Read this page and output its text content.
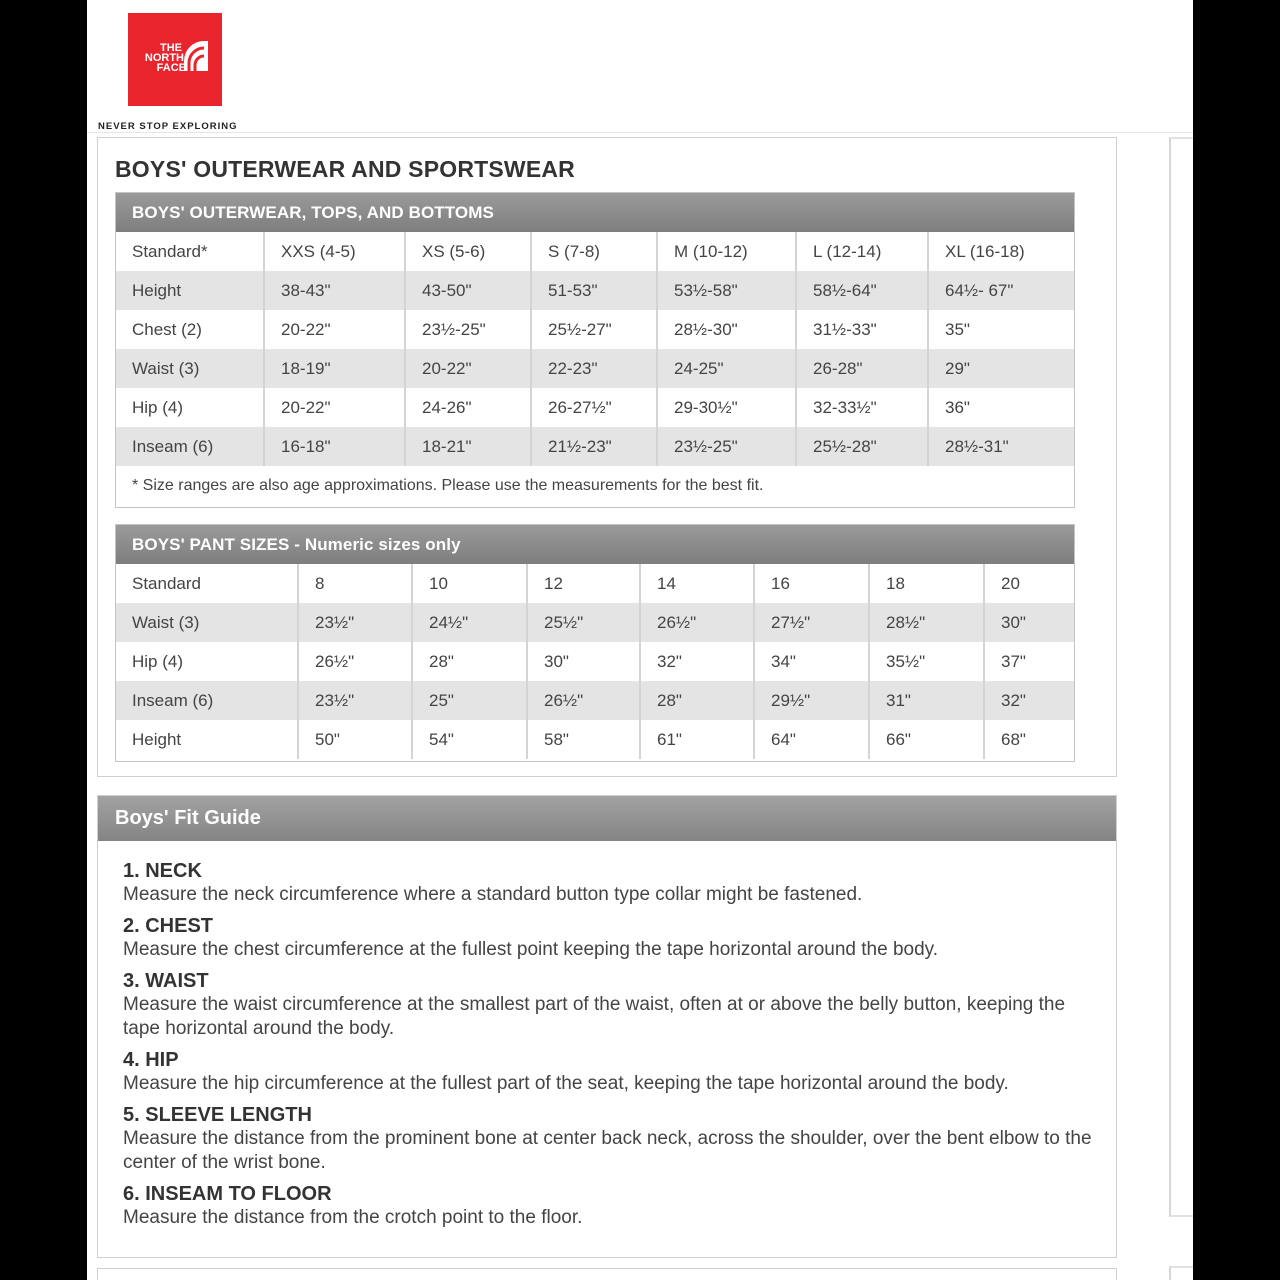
THE
NORTH
FACE
NEVER STOP EXPLORING
BOYS' OUTERWEAR AND SPORTSWEAR
BOYS' OUTERWEAR, TOPS, AND BOTTOMS
Standard*	XXS (4-5)	XS (5-6)	S (7-8)	M (10-12)	L (12-14)	XL (16-18)
Height	38-43"	43-50"	51-53"	53½-58"	58½-64"	64½- 67"
Chest (2)	20-22"	23½-25"	25½-27"	28½-30"	31½-33"	35"
Waist (3)	18-19"	20-22"	22-23"	24-25"	26-28"	29"
Hip (4)	20-22"	24-26"	26-27½"	29-30½"	32-33½"	36"
Inseam (6)	16-18"	18-21"	21½-23"	23½-25"	25½-28"	28½-31"
* Size ranges are also age approximations. Please use the measurements for the best fit.
BOYS' PANT SIZES - Numeric sizes only
Standard	8	10	12	14	16	18	20
Waist (3)	23½"	24½"	25½"	26½"	27½"	28½"	30"
Hip (4)	26½"	28"	30"	32"	34"	35½"	37"
Inseam (6)	23½"	25"	26½"	28"	29½"	31"	32"
Height	50"	54"	58"	61"	64"	66"	68"
Boys' Fit Guide
1. NECK

Measure the neck circumference where a standard button type collar might be fastened.

2. CHEST

Measure the chest circumference at the fullest point keeping the tape horizontal around the body.

3. WAIST

Measure the waist circumference at the smallest part of the waist, often at or above the belly button, keeping the tape horizontal around the body.

4. HIP

Measure the hip circumference at the fullest part of the seat, keeping the tape horizontal around the body.

5. SLEEVE LENGTH

Measure the distance from the prominent bone at center back neck, across the shoulder, over the bent elbow to the center of the wrist bone.

6. INSEAM TO FLOOR

Measure the distance from the crotch point to the floor.
